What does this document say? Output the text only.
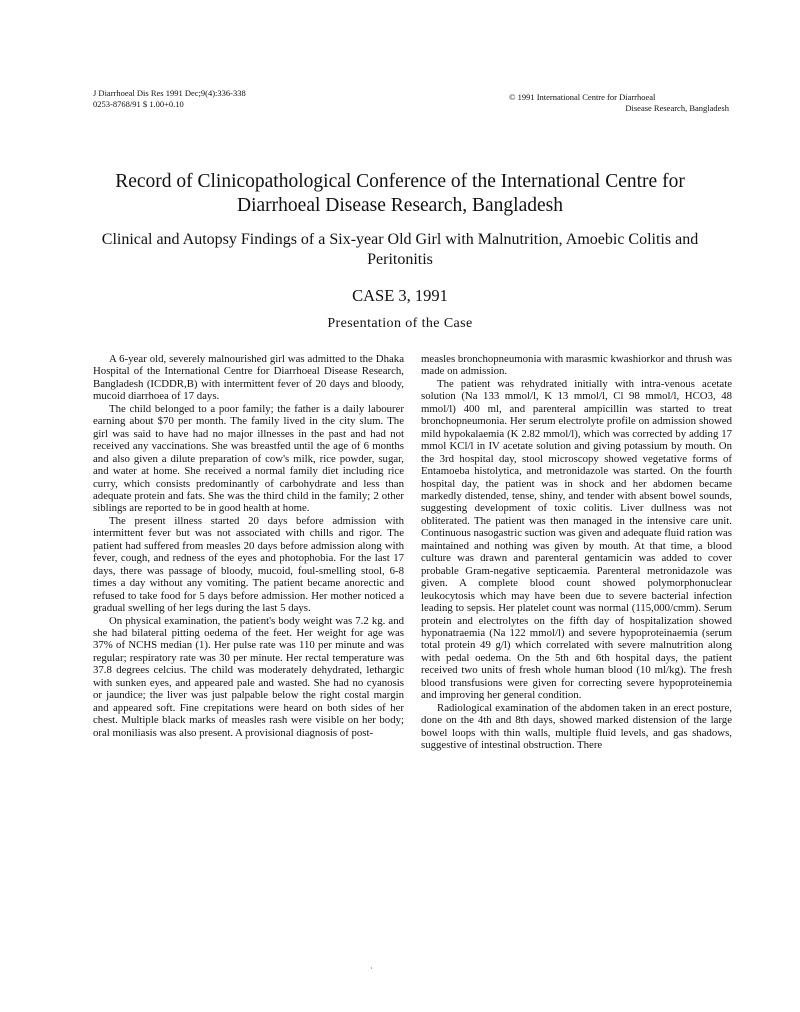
J Diarrhoeal Dis Res 1991 Dec;9(4):336-338
0253-8768/91 $ 1.00+0.10
© 1991 International Centre for Diarrhoeal
Disease Research, Bangladesh
Record of Clinicopathological Conference of the International Centre for Diarrhoeal Disease Research, Bangladesh
Clinical and Autopsy Findings of a Six-year Old Girl with Malnutrition, Amoebic Colitis and Peritonitis
CASE 3, 1991
Presentation of the Case

A 6-year old, severely malnourished girl was admitted to the Dhaka Hospital of the International Centre for Diarrhoeal Disease Research, Bangladesh (ICDDR,B) with intermittent fever of 20 days and bloody, mucoid diarrhoea of 17 days.

The child belonged to a poor family; the father is a daily labourer earning about $70 per month. The family lived in the city slum. The girl was said to have had no major illnesses in the past and had not received any vaccinations. She was breastfed until the age of 6 months and also given a dilute preparation of cow's milk, rice powder, sugar, and water at home. She received a normal family diet including rice curry, which consists predominantly of carbohydrate and less than adequate protein and fats. She was the third child in the family; 2 other siblings are reported to be in good health at home.

The present illness started 20 days before admission with intermittent fever but was not associated with chills and rigor. The patient had suffered from measles 20 days before admission along with fever, cough, and redness of the eyes and photophobia. For the last 17 days, there was passage of bloody, mucoid, foul-smelling stool, 6-8 times a day without any vomiting. The patient became anorectic and refused to take food for 5 days before admission. Her mother noticed a gradual swelling of her legs during the last 5 days.

On physical examination, the patient's body weight was 7.2 kg. and she had bilateral pitting oedema of the feet. Her weight for age was 37% of NCHS median (1). Her pulse rate was 110 per minute and was regular; respiratory rate was 30 per minute. Her rectal temperature was 37.8 degrees celcius. The child was moderately dehydrated, lethargic with sunken eyes, and appeared pale and wasted. She had no cyanosis or jaundice; the liver was just palpable below the right costal margin and appeared soft. Fine crepitations were heard on both sides of her chest. Multiple black marks of measles rash were visible on her body; oral moniliasis was also present. A provisional diagnosis of post-

measles bronchopneumonia with marasmic kwashiorkor and thrush was made on admission.

The patient was rehydrated initially with intra-venous acetate solution (Na 133 mmol/l, K 13 mmol/l, Cl 98 mmol/l, HCO3, 48 mmol/l) 400 ml, and parenteral ampicillin was started to treat bronchopneumonia. Her serum electrolyte profile on admission showed mild hypokalaemia (K 2.82 mmol/l), which was corrected by adding 17 mmol KCl/l in IV acetate solution and giving potassium by mouth. On the 3rd hospital day, stool microscopy showed vegetative forms of Entamoeba histolytica, and metronidazole was started. On the fourth hospital day, the patient was in shock and her abdomen became markedly distended, tense, shiny, and tender with absent bowel sounds, suggesting development of toxic colitis. Liver dullness was not obliterated. The patient was then managed in the intensive care unit. Continuous nasogastric suction was given and adequate fluid ration was maintained and nothing was given by mouth. At that time, a blood culture was drawn and parenteral gentamicin was added to cover probable Gram-negative septicaemia. Parenteral metronidazole was given. A complete blood count showed polymorphonuclear leukocytosis which may have been due to severe bacterial infection leading to sepsis. Her platelet count was normal (115,000/cmm). Serum protein and electrolytes on the fifth day of hospitalization showed hyponatraemia (Na 122 mmol/l) and severe hypoproteinaemia (serum total protein 49 g/l) which correlated with severe malnutrition along with pedal oedema. On the 5th and 6th hospital days, the patient received two units of fresh whole human blood (10 ml/kg). The fresh blood transfusions were given for correcting severe hypoproteinemia and improving her general condition.

Radiological examination of the abdomen taken in an erect posture, done on the 4th and 8th days, showed marked distension of the large bowel loops with thin walls, multiple fluid levels, and gas shadows, suggestive of intestinal obstruction. There

·
